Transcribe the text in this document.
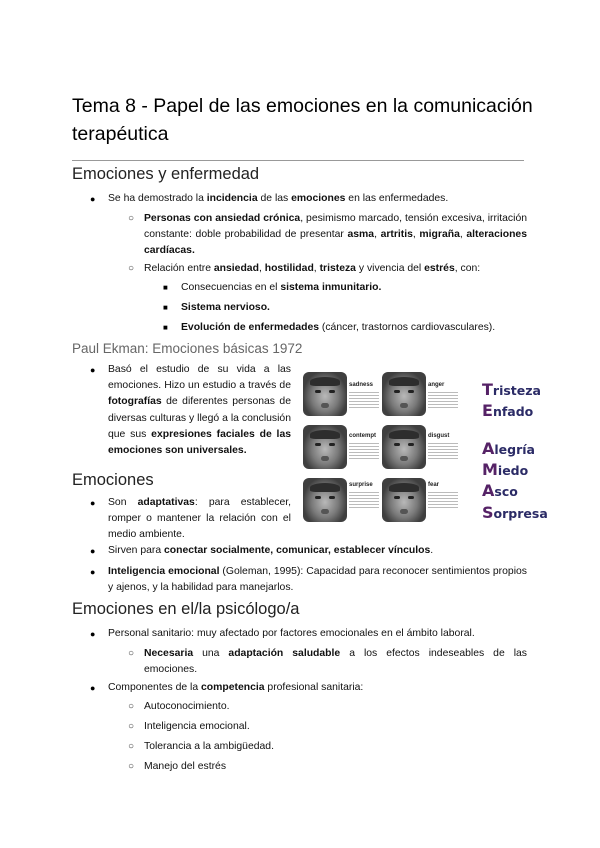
Tema 8 - Papel de las emociones en la comunicación terapéutica
Emociones y enfermedad
● Se ha demostrado la incidencia de las emociones en las enfermedades.
○ Personas con ansiedad crónica, pesimismo marcado, tensión excesiva, irritación constante: doble probabilidad de presentar asma, artritis, migraña, alteraciones cardíacas.
○ Relación entre ansiedad, hostilidad, tristeza y vivencia del estrés, con:
■ Consecuencias en el sistema inmunitario.
■ Sistema nervioso.
■ Evolución de enfermedades (cáncer, trastornos cardiovasculares).
Paul Ekman: Emociones básicas 1972
● Basó el estudio de su vida a las emociones. Hizo un estudio a través de fotografías de diferentes personas de diversas culturas y llegó a la conclusión que sus expresiones faciales de las emociones son universales.
sadness	anger
contempt	disgust
surprise	fear
Tristeza
Enfado
Alegría
Miedo
Asco
Sorpresa
Emociones
● Son adaptativas: para establecer, romper o mantener la relación con el medio ambiente.
● Sirven para conectar socialmente, comunicar, establecer vínculos.
● Inteligencia emocional (Goleman, 1995): Capacidad para reconocer sentimientos propios y ajenos, y la habilidad para manejarlos.
Emociones en el/la psicólogo/a
● Personal sanitario: muy afectado por factores emocionales en el ámbito laboral.
○ Necesaria una adaptación saludable a los efectos indeseables de las emociones.
● Componentes de la competencia profesional sanitaria:
○ Autoconocimiento.
○ Inteligencia emocional.
○ Tolerancia a la ambigüedad.
○ Manejo del estrés
